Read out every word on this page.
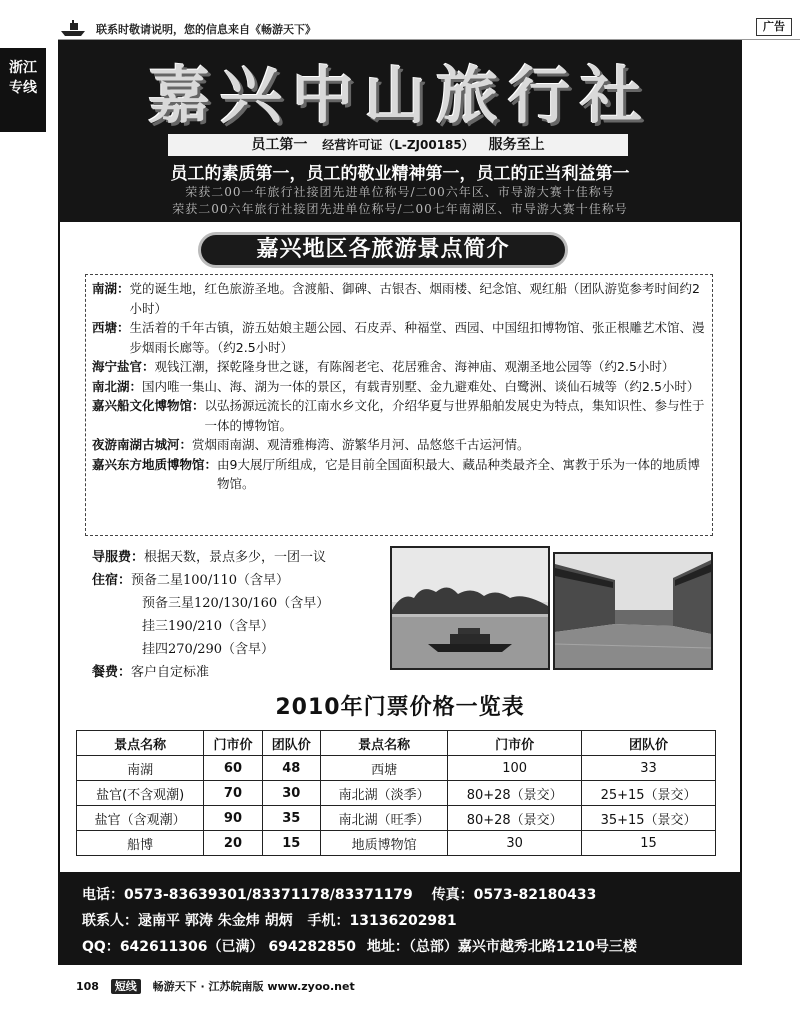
联系时敬请说明，您的信息来自《畅游天下》	广告
浙江
专线	嘉兴中山旅行社
员工第一 经营许可证（L-ZJ00185） 服务至上
员工的素质第一，员工的敬业精神第一，员工的正当利益第一
荣获二00一年旅行社接团先进单位称号/二00六年区、市导游大赛十佳称号
荣获二00六年旅行社接团先进单位称号/二00七年南湖区、市导游大赛十佳称号
嘉兴地区各旅游景点简介
南湖： 党的诞生地，红色旅游圣地。含渡船、御碑、古银杏、烟雨楼、纪念馆、观红船（团队游览参考时间约2小时）
西塘： 生活着的千年古镇，游五姑娘主题公园、石皮弄、种福堂、西园、中国纽扣博物馆、张正根雕艺术馆、漫步烟雨长廊等。（约2.5小时）
海宁盐官： 观钱江潮，探乾隆身世之谜，有陈阁老宅、花居雅舍、海神庙、观潮圣地公园等（约2.5小时）
南北湖： 国内唯一集山、海、湖为一体的景区，有载青别墅、金九避难处、白鹭洲、谈仙石城等（约2.5小时）
嘉兴船文化博物馆： 以弘扬源远流长的江南水乡文化，介绍华夏与世界船舶发展史为特点，集知识性、参与性于一体的博物馆。
夜游南湖古城河： 赏烟雨南湖、观清雅梅湾、游繁华月河、品悠悠千古运河情。
嘉兴东方地质博物馆： 由9大展厅所组成，它是目前全国面积最大、藏品种类最齐全、寓教于乐为一体的地质博物馆。
导服费：根据天数，景点多少，一团一议
住宿：预备二星100/110（含早）
预备三星120/130/160（含早）
挂三190/210（含早）
挂四270/290（含早）
餐费：客户自定标准
2010年门票价格一览表
景点名称	门市价	团队价	景点名称	门市价	团队价
南湖	60	48	西塘	100	33
盐官(不含观潮)	70	30	南北湖（淡季）	80+28（景交）	25+15（景交）
盐官（含观潮）	90	35	南北湖（旺季）	80+28（景交）	35+15（景交）
船博	20	15	地质博物馆	30	15
电话：0573-83639301/83371178/83371179 传真：0573-82180433
联系人：逯南平 郭涛 朱金炜 胡炳 手机：13136202981
QQ：642611306（已满） 694282850 地址：（总部）嘉兴市越秀北路1210号三楼
108 短线 畅游天下 · 江苏皖南版 www.zyoo.net
